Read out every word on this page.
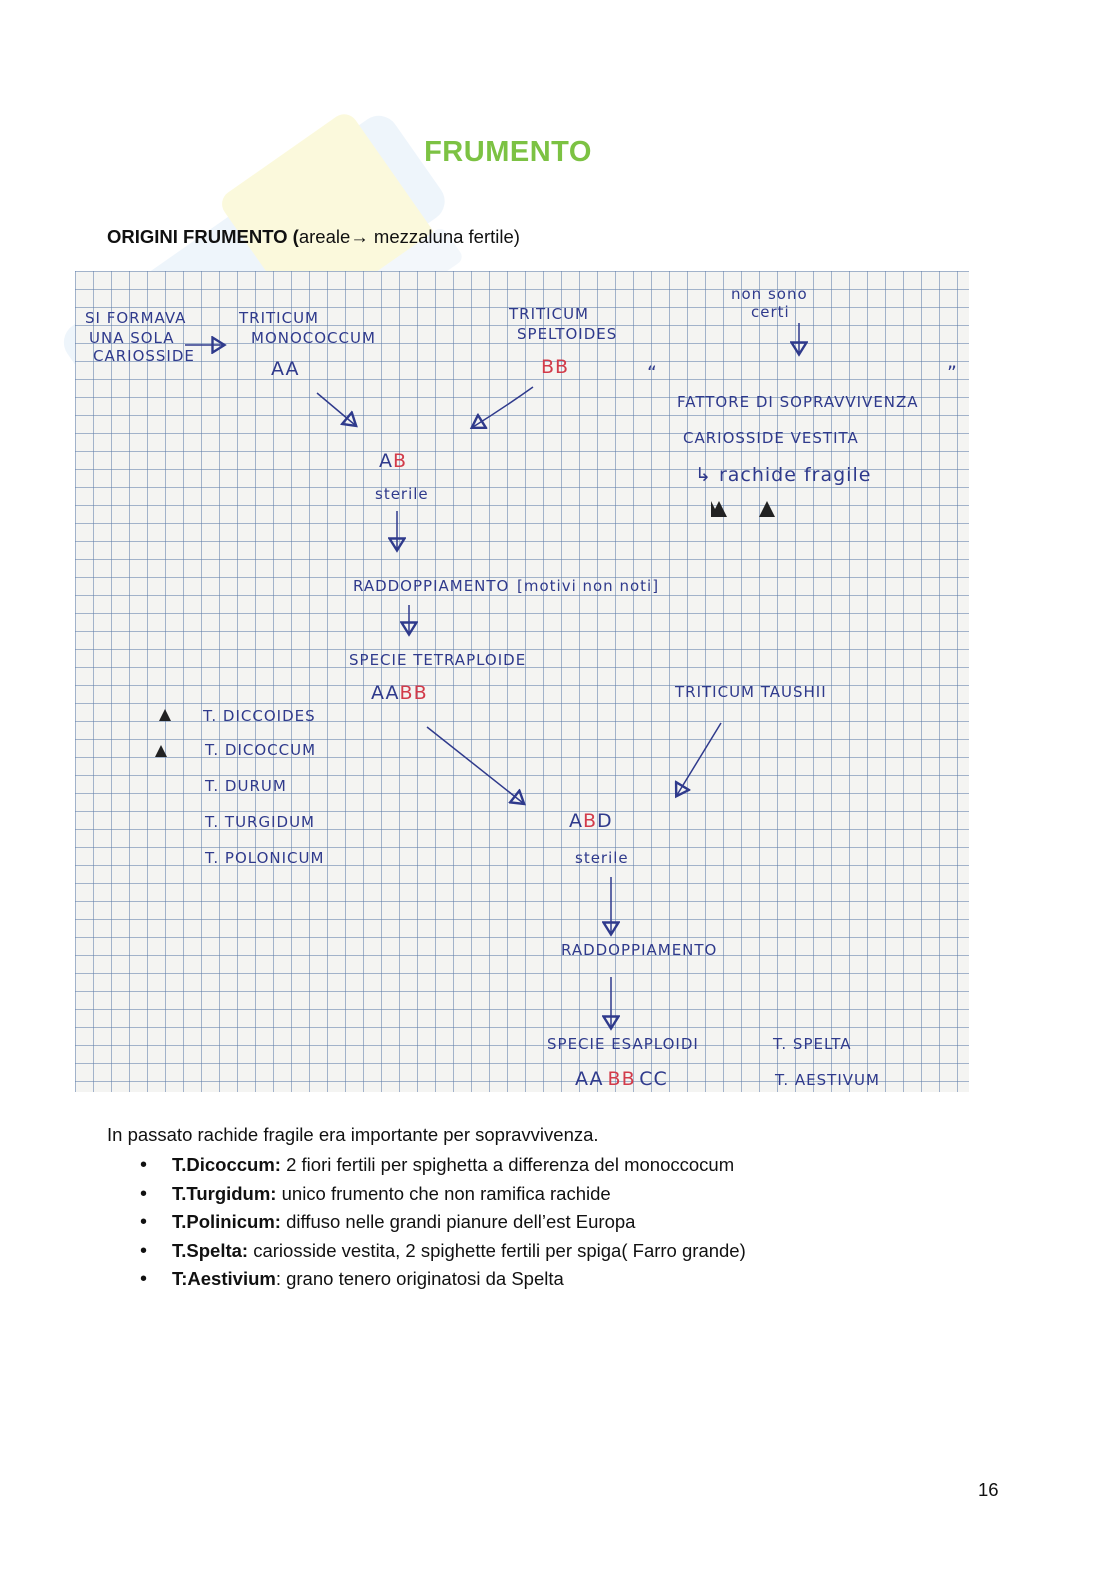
FRUMENTO
ORIGINI FRUMENTO (areale→ mezzaluna fertile)
SI FORMAVA
UNA SOLA
CARIOSSIDE
TRITICUM
MONOCOCCUM
AA
TRITICUM
SPELTOIDES
BB
non sono
certi
“	”
FATTORE DI SOPRAVVIVENZA
CARIOSSIDE VESTITA
↳ rachide fragile
AB
sterile
RADDOPPIAMENTO [motivi non noti]
SPECIE TETRAPLOIDE
AABB
T. DICCOIDES
T. DICOCCUM
T. DURUM
T. TURGIDUM
T. POLONICUM
TRITICUM TAUSHII
ABD
sterile
RADDOPPIAMENTO
SPECIE ESAPLOIDI
AA BB CC
T. SPELTA
T. AESTIVUM
In passato rachide fragile era importante per sopravvivenza.
• T.Dicoccum: 2 fiori fertili per spighetta a differenza del monoccocum
• T.Turgidum: unico frumento che non ramifica rachide
• T.Polinicum: diffuso nelle grandi pianure dell’est Europa
• T.Spelta: cariosside vestita, 2 spighette fertili per spiga( Farro grande)
• T:Aestivium: grano tenero originatosi da Spelta
16
